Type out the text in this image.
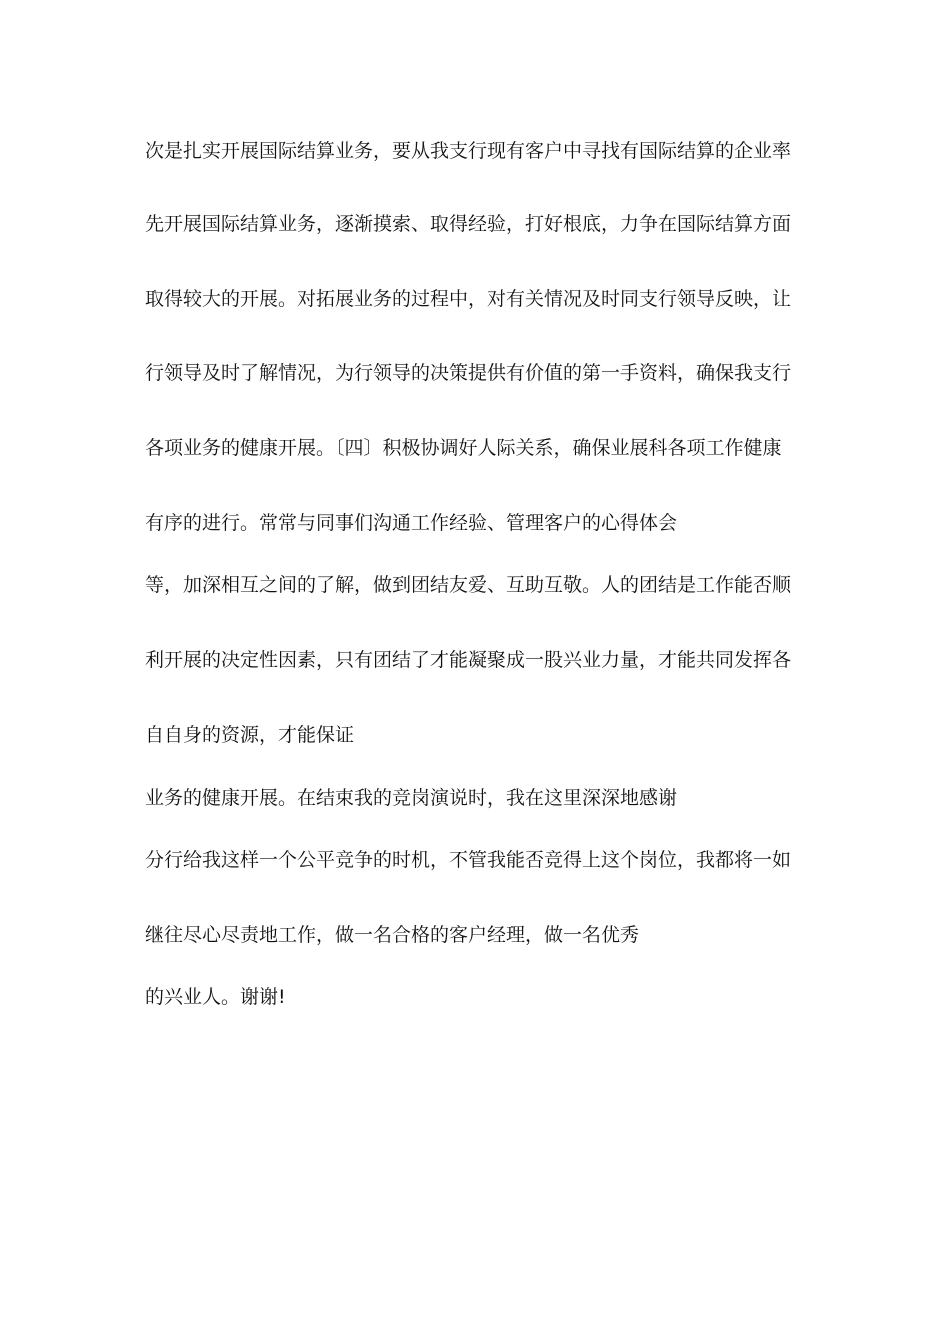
次是扎实开展国际结算业务，要从我支行现有客户中寻找有国际结算的企业率
先开展国际结算业务，逐渐摸索、取得经验，打好根底，力争在国际结算方面
取得较大的开展。对拓展业务的过程中，对有关情况及时同支行领导反映，让
行领导及时了解情况，为行领导的决策提供有价值的第一手资料，确保我支行
各项业务的健康开展。〔四〕积极协调好人际关系，确保业展科各项工作健康
有序的进行。常常与同事们沟通工作经验、管理客户的心得体会
等，加深相互之间的了解，做到团结友爱、互助互敬。人的团结是工作能否顺
利开展的决定性因素，只有团结了才能凝聚成一股兴业力量，才能共同发挥各
自自身的资源，才能保证
业务的健康开展。在结束我的竞岗演说时，我在这里深深地感谢
分行给我这样一个公平竞争的时机，不管我能否竞得上这个岗位，我都将一如
继往尽心尽责地工作，做一名合格的客户经理，做一名优秀
的兴业人。谢谢!
